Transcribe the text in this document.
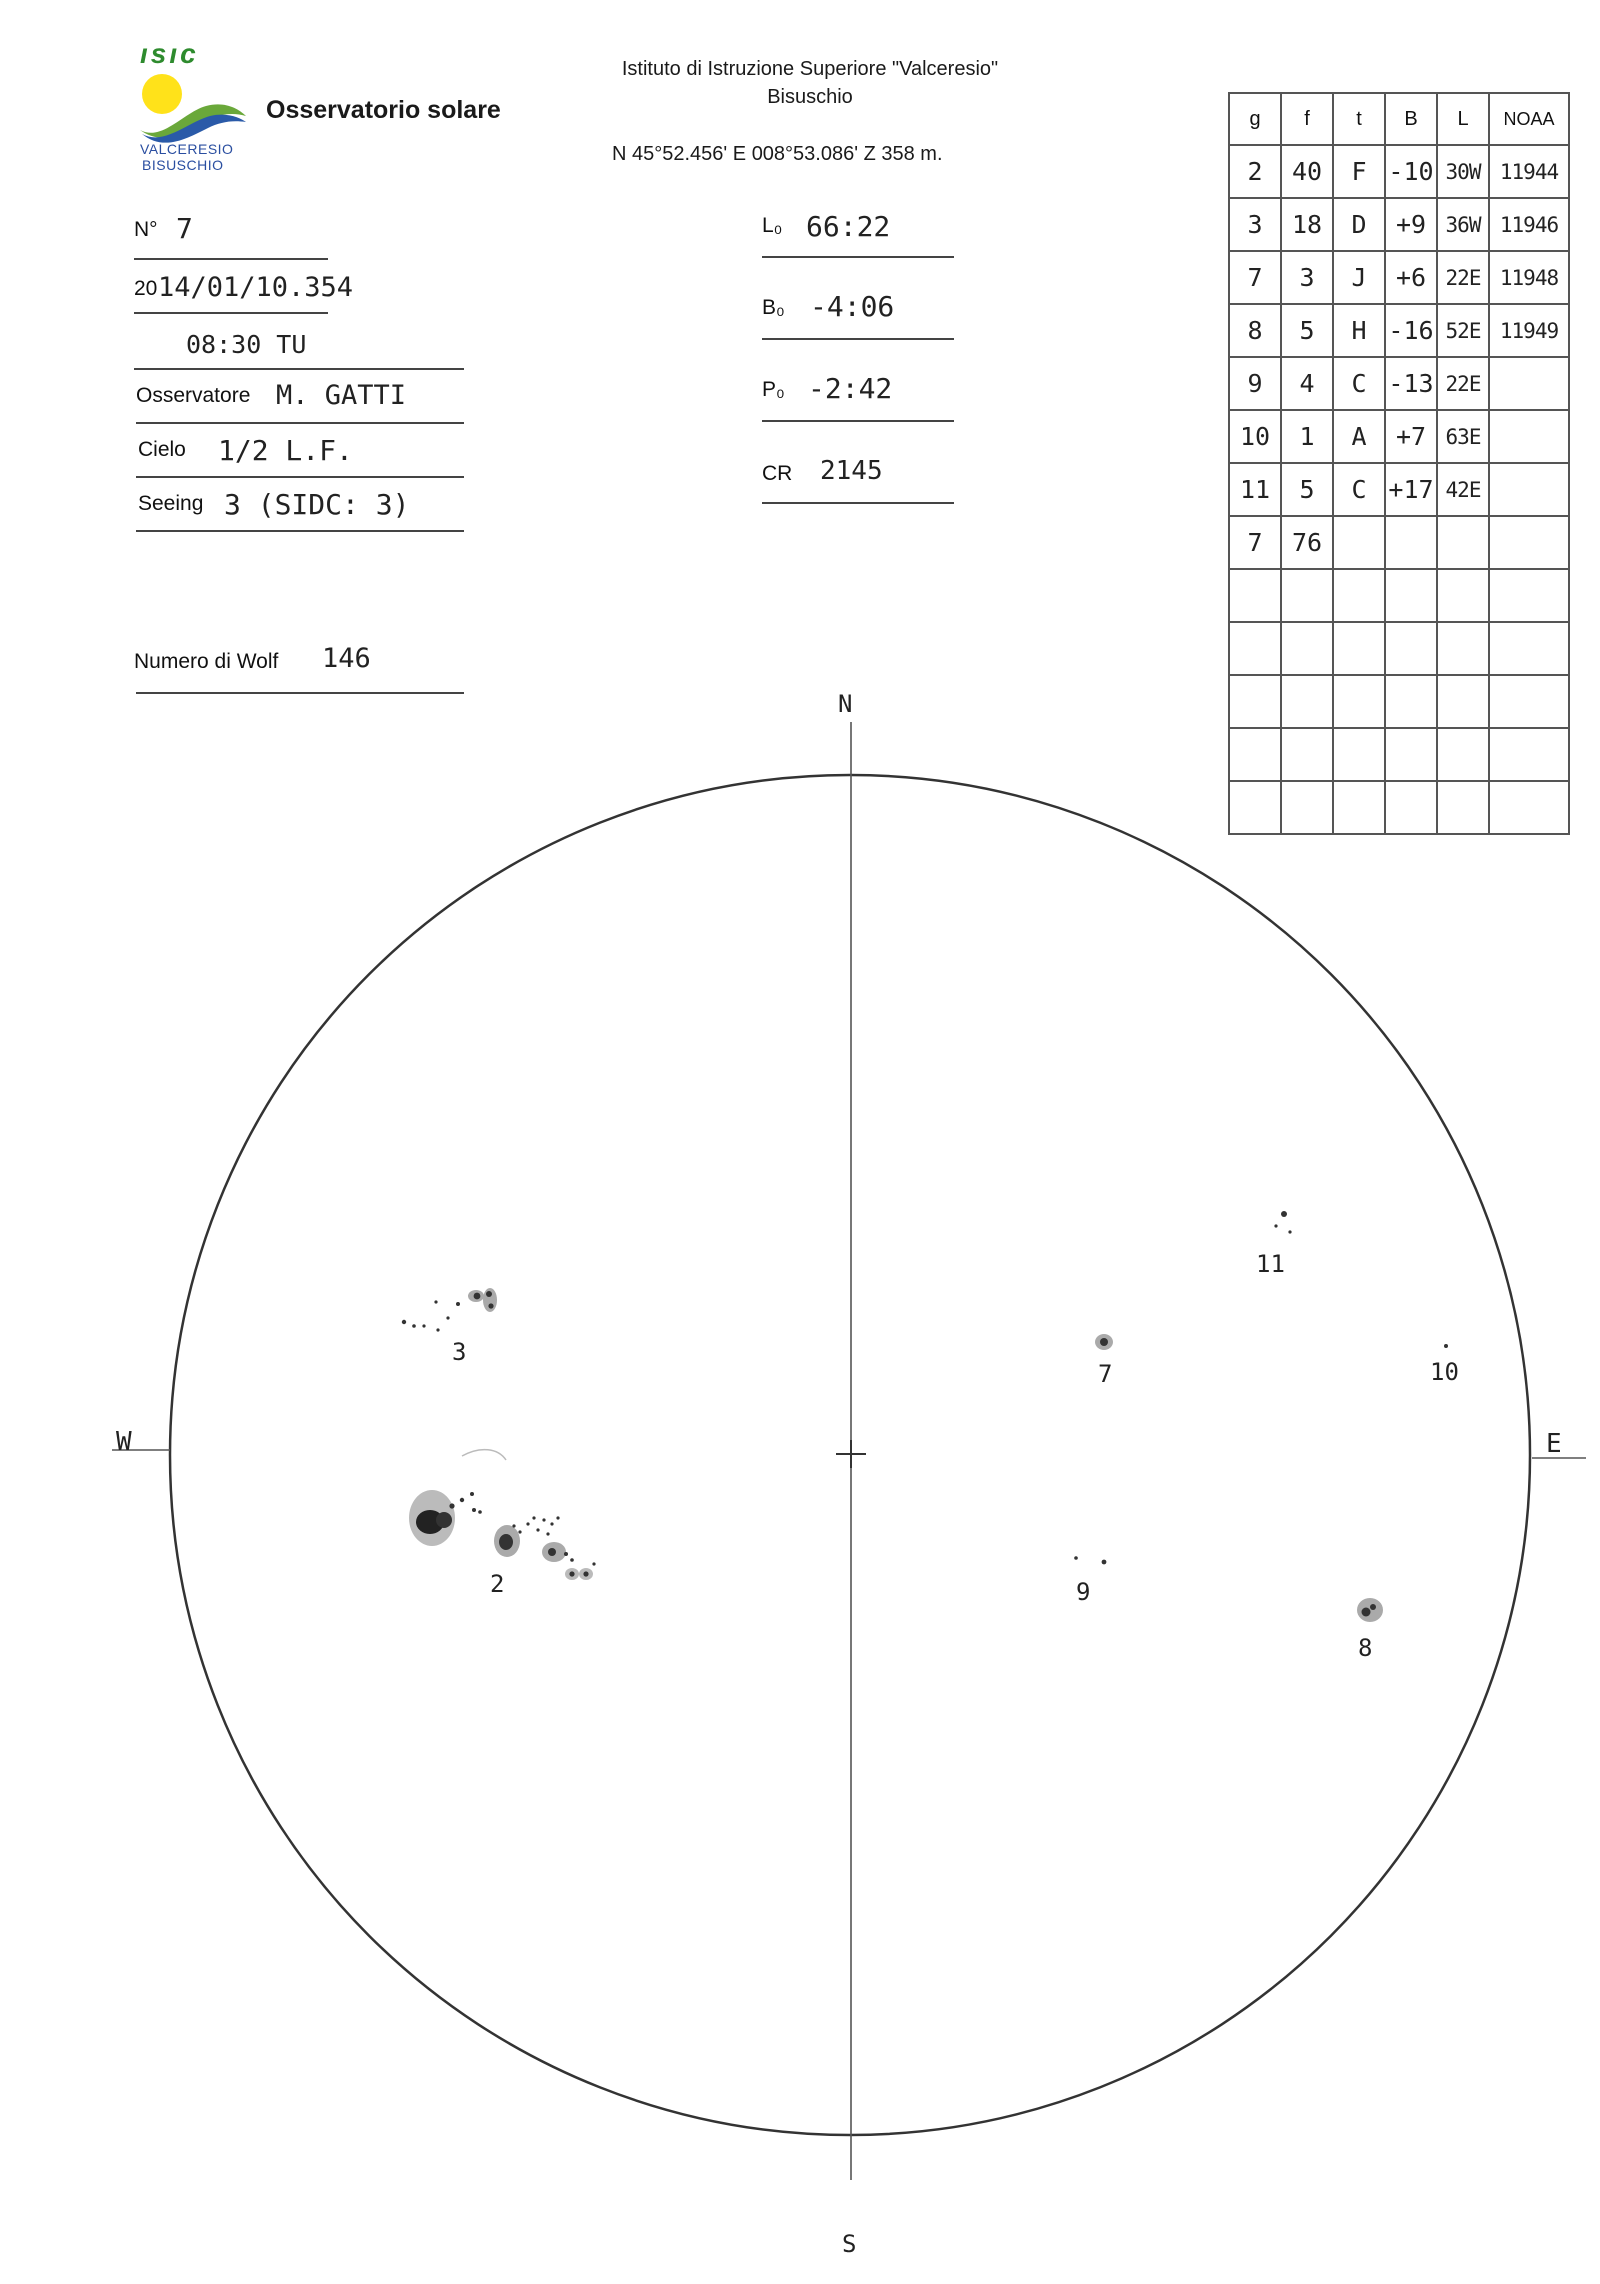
ısıc
VALCERESIO
BISUSCHIO
Osservatorio solare
Istituto di Istruzione Superiore "Valceresio"
Bisuschio
N 45°52.456' E 008°53.086' Z 358 m.
N° 7
20 14/01/10.354
08:30 TU
Osservatore M. GATTI
Cielo 1/2 L.F.
Seeing 3 (SIDC: 3)
Numero di Wolf 146
L₀ 66:22
B₀ -4:06
P₀ -2:42
CR 2145
g	f	t	B	L	NOAA
2	40	F	-10	30W	11944
3	18	D	+9	36W	11946
7	3	J	+6	22E	11948
8	5	H	-16	52E	11949
9	4	C	-13	22E	
10	1	A	+7	63E	
11	5	C	+17	42E	
7	76				

N
S
W	E
3
2
7
11
10
9
8
